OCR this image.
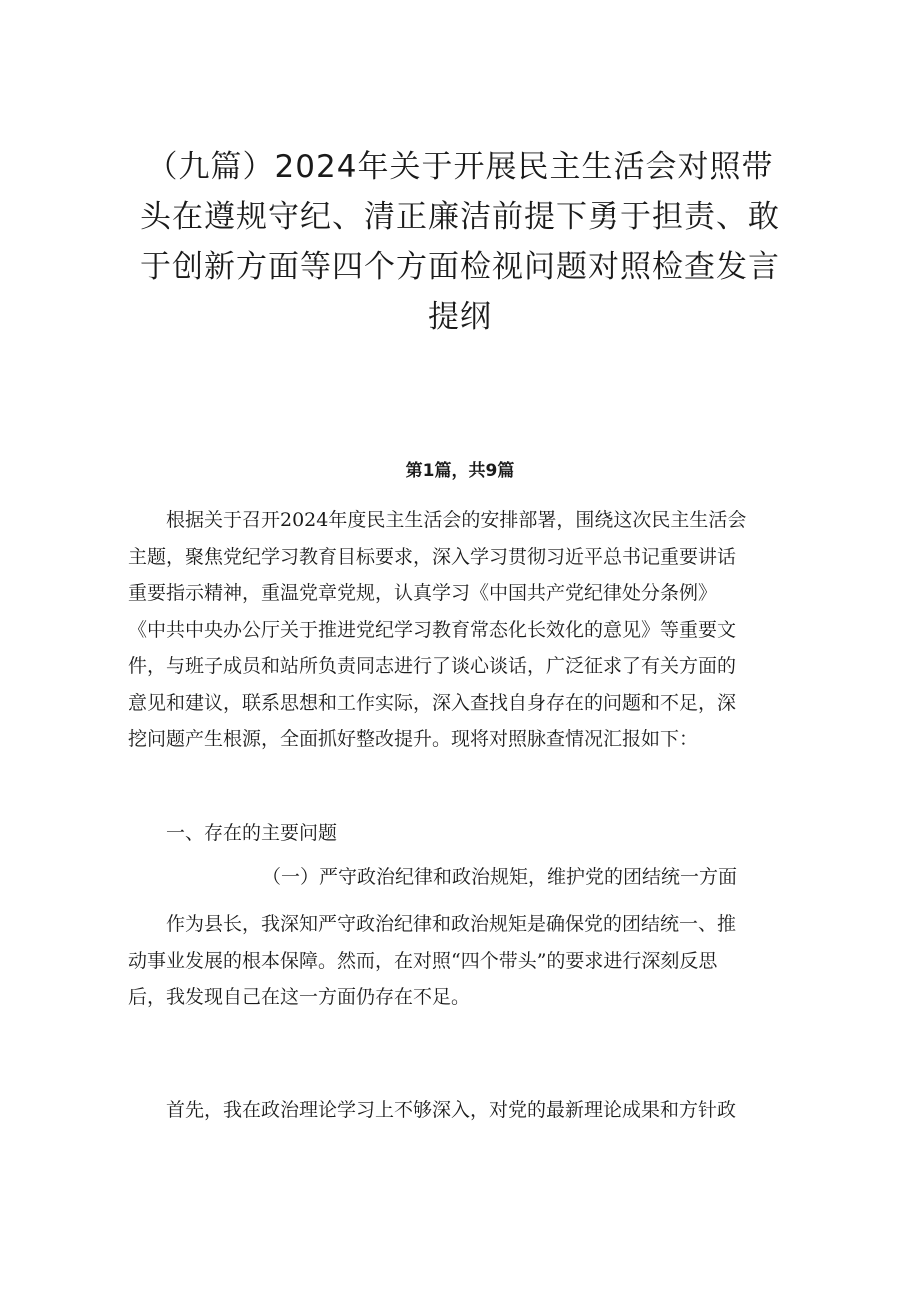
（九篇）2024年关于开展民主生活会对照带
头在遵规守纪、清正廉洁前提下勇于担责、敢
于创新方面等四个方面检视问题对照检查发言
提纲
第1篇，共9篇

　　根据关于召开2024年度民主生活会的安排部署，围绕这次民主生活会
主题，聚焦党纪学习教育目标要求，深入学习贯彻习近平总书记重要讲话
重要指示精神，重温党章党规，认真学习《中国共产党纪律处分条例》
《中共中央办公厅关于推进党纪学习教育常态化长效化的意见》等重要文
件，与班子成员和站所负责同志进行了谈心谈话，广泛征求了有关方面的
意见和建议，联系思想和工作实际，深入查找自身存在的问题和不足，深
挖问题产生根源，全面抓好整改提升。现将对照脉查情况汇报如下：

一、存在的主要问题
（一）严守政治纪律和政治规矩，维护党的团结统一方面

　　作为县长，我深知严守政治纪律和政治规矩是确保党的团结统一、推
动事业发展的根本保障。然而，在对照“四个带头”的要求进行深刻反思
后，我发现自己在这一方面仍存在不足。

　　首先，我在政治理论学习上不够深入，对党的最新理论成果和方针政
